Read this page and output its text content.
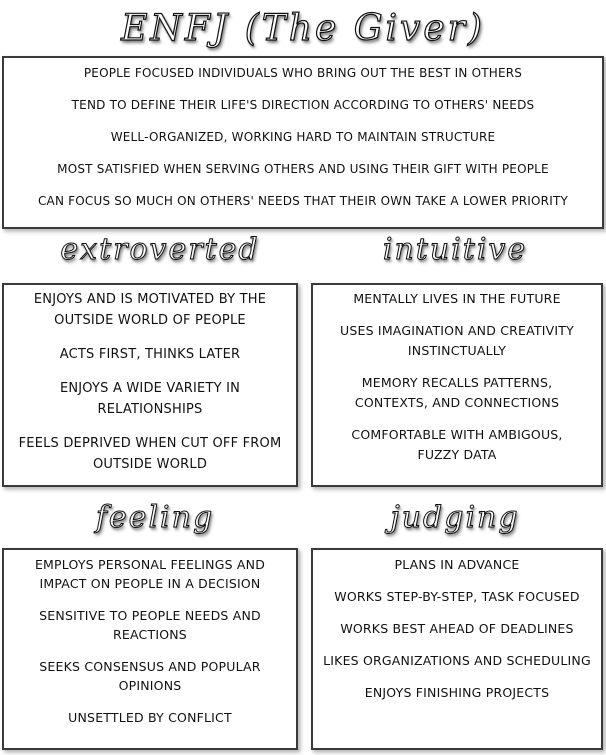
ENFJ (The Giver)

PEOPLE FOCUSED INDIVIDUALS WHO BRING OUT THE BEST IN OTHERS

TEND TO DEFINE THEIR LIFE'S DIRECTION ACCORDING TO OTHERS' NEEDS

WELL-ORGANIZED, WORKING HARD TO MAINTAIN STRUCTURE

MOST SATISFIED WHEN SERVING OTHERS AND USING THEIR GIFT WITH PEOPLE

CAN FOCUS SO MUCH ON OTHERS' NEEDS THAT THEIR OWN TAKE A LOWER PRIORITY

extroverted	intuitive

ENJOYS AND IS MOTIVATED BY THE OUTSIDE WORLD OF PEOPLE

ACTS FIRST, THINKS LATER

ENJOYS A WIDE VARIETY IN RELATIONSHIPS

FEELS DEPRIVED WHEN CUT OFF FROM OUTSIDE WORLD

MENTALLY LIVES IN THE FUTURE

USES IMAGINATION AND CREATIVITY INSTINCTUALLY

MEMORY RECALLS PATTERNS, CONTEXTS, AND CONNECTIONS

COMFORTABLE WITH AMBIGOUS, FUZZY DATA

feeling	judging

EMPLOYS PERSONAL FEELINGS AND IMPACT ON PEOPLE IN A DECISION

SENSITIVE TO PEOPLE NEEDS AND REACTIONS

SEEKS CONSENSUS AND POPULAR OPINIONS

UNSETTLED BY CONFLICT

PLANS IN ADVANCE

WORKS STEP-BY-STEP, TASK FOCUSED

WORKS BEST AHEAD OF DEADLINES

LIKES ORGANIZATIONS AND SCHEDULING

ENJOYS FINISHING PROJECTS
